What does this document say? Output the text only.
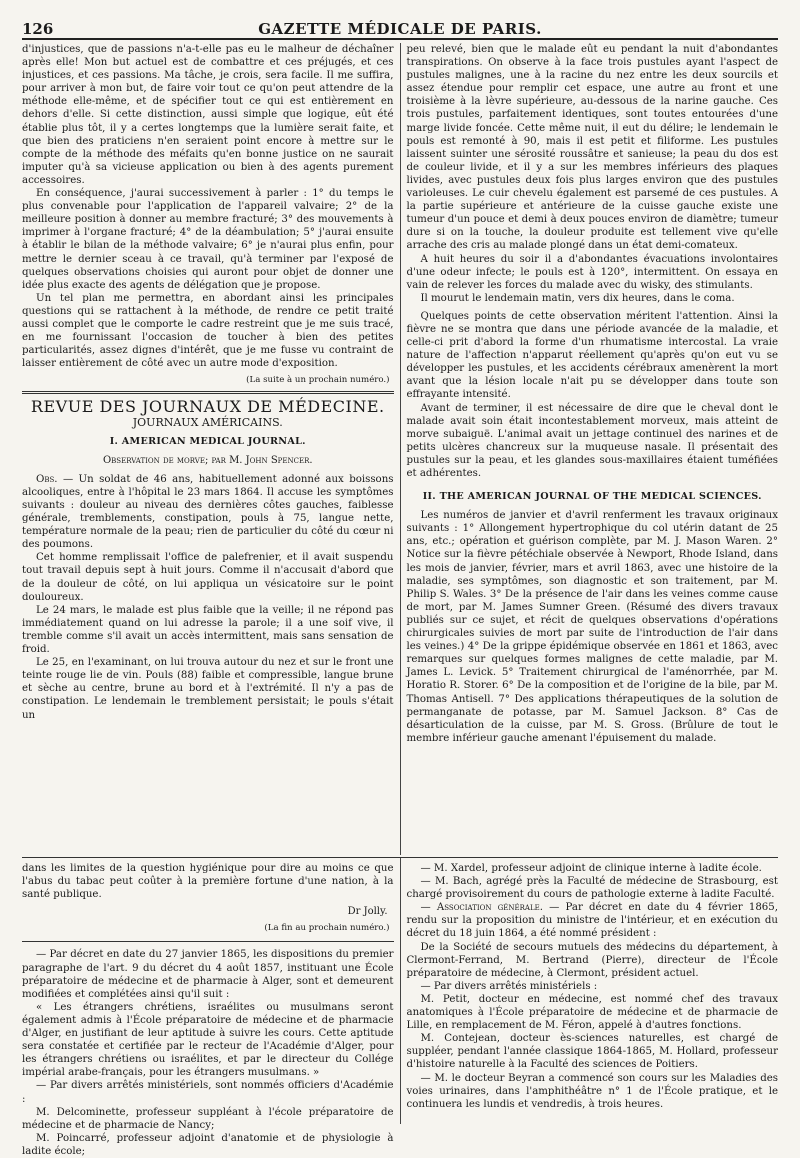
126	GAZETTE MÉDICALE DE PARIS.

d'injustices, que de passions n'a-t-elle pas eu le malheur de déchaîner après elle! Mon but actuel est de combattre et ces préjugés, et ces injustices, et ces passions. Ma tâche, je crois, sera facile. Il me suffira, pour arriver à mon but, de faire voir tout ce qu'on peut attendre de la méthode elle-même, et de spécifier tout ce qui est entièrement en dehors d'elle. Si cette distinction, aussi simple que logique, eût été établie plus tôt, il y a certes longtemps que la lumière serait faite, et que bien des praticiens n'en seraient point encore à mettre sur le compte de la méthode des méfaits qu'en bonne justice on ne saurait imputer qu'à sa vicieuse application ou bien à des agents purement accessoires.

En conséquence, j'aurai successivement à parler : 1° du temps le plus convenable pour l'application de l'appareil valvaire; 2° de la meilleure position à donner au membre fracturé; 3° des mouvements à imprimer à l'organe fracturé; 4° de la déambulation; 5° j'aurai ensuite à établir le bilan de la méthode valvaire; 6° je n'aurai plus enfin, pour mettre le dernier sceau à ce travail, qu'à terminer par l'exposé de quelques observations choisies qui auront pour objet de donner une idée plus exacte des agents de délégation que je propose.

Un tel plan me permettra, en abordant ainsi les principales questions qui se rattachent à la méthode, de rendre ce petit traité aussi complet que le comporte le cadre restreint que je me suis tracé, en me fournissant l'occasion de toucher à bien des petites particularités, assez dignes d'intérêt, que je me fusse vu contraint de laisser entièrement de côté avec un autre mode d'exposition.

(La suite à un prochain numéro.)
REVUE DES JOURNAUX DE MÉDECINE.
JOURNAUX AMÉRICAINS.
I. AMERICAN MEDICAL JOURNAL.
Observation de morve; par M. John Spencer.

Obs. — Un soldat de 46 ans, habituellement adonné aux boissons alcooliques, entre à l'hôpital le 23 mars 1864. Il accuse les symptômes suivants : douleur au niveau des dernières côtes gauches, faiblesse générale, tremblements, constipation, pouls à 75, langue nette, température normale de la peau; rien de particulier du côté du cœur ni des poumons.

Cet homme remplissait l'office de palefrenier, et il avait suspendu tout travail depuis sept à huit jours. Comme il n'accusait d'abord que de la douleur de côté, on lui appliqua un vésicatoire sur le point douloureux.

Le 24 mars, le malade est plus faible que la veille; il ne répond pas immédiatement quand on lui adresse la parole; il a une soif vive, il tremble comme s'il avait un accès intermittent, mais sans sensation de froid.

Le 25, en l'examinant, on lui trouva autour du nez et sur le front une teinte rouge lie de vin. Pouls (88) faible et compressible, langue brune et sèche au centre, brune au bord et à l'extrémité. Il n'y a pas de constipation. Le lendemain le tremblement persistait; le pouls s'était un

peu relevé, bien que le malade eût eu pendant la nuit d'abondantes transpirations. On observe à la face trois pustules ayant l'aspect de pustules malignes, une à la racine du nez entre les deux sourcils et assez étendue pour remplir cet espace, une autre au front et une troisième à la lèvre supérieure, au-dessous de la narine gauche. Ces trois pustules, parfaitement identiques, sont toutes entourées d'une marge livide foncée. Cette même nuit, il eut du délire; le lendemain le pouls est remonté à 90, mais il est petit et filiforme. Les pustules laissent suinter une sérosité roussâtre et sanieuse; la peau du dos est de couleur livide, et il y a sur les membres inférieurs des plaques livides, avec pustules deux fois plus larges environ que des pustules varioleuses. Le cuir chevelu également est parsemé de ces pustules. A la partie supérieure et antérieure de la cuisse gauche existe une tumeur d'un pouce et demi à deux pouces environ de diamètre; tumeur dure si on la touche, la douleur produite est tellement vive qu'elle arrache des cris au malade plongé dans un état demi-comateux.

A huit heures du soir il a d'abondantes évacuations involontaires d'une odeur infecte; le pouls est à 120°, intermittent. On essaya en vain de relever les forces du malade avec du wisky, des stimulants.

Il mourut le lendemain matin, vers dix heures, dans le coma.

Quelques points de cette observation méritent l'attention. Ainsi la fièvre ne se montra que dans une période avancée de la maladie, et celle-ci prit d'abord la forme d'un rhumatisme intercostal. La vraie nature de l'affection n'apparut réellement qu'après qu'on eut vu se développer les pustules, et les accidents cérébraux amenèrent la mort avant que la lésion locale n'ait pu se développer dans toute son effrayante intensité.

Avant de terminer, il est nécessaire de dire que le cheval dont le malade avait soin était incontestablement morveux, mais atteint de morve subaiguë. L'animal avait un jettage continuel des narines et de petits ulcères chancreux sur la muqueuse nasale. Il présentait des pustules sur la peau, et les glandes sous-maxillaires étaient tuméfiées et adhérentes.

II. THE AMERICAN JOURNAL OF THE MEDICAL SCIENCES.

Les numéros de janvier et d'avril renferment les travaux originaux suivants : 1° Allongement hypertrophique du col utérin datant de 25 ans, etc.; opération et guérison complète, par M. J. Mason Waren. 2° Notice sur la fièvre pétéchiale observée à Newport, Rhode Island, dans les mois de janvier, février, mars et avril 1863, avec une histoire de la maladie, ses symptômes, son diagnostic et son traitement, par M. Philip S. Wales. 3° De la présence de l'air dans les veines comme cause de mort, par M. James Sumner Green. (Résumé des divers travaux publiés sur ce sujet, et récit de quelques observations d'opérations chirurgicales suivies de mort par suite de l'introduction de l'air dans les veines.) 4° De la grippe épidémique observée en 1861 et 1863, avec remarques sur quelques formes malignes de cette maladie, par M. James L. Levick. 5° Traitement chirurgical de l'aménorrhée, par M. Horatio R. Storer. 6° De la composition et de l'origine de la bile, par M. Thomas Antisell. 7° Des applications thérapeutiques de la solution de permanganate de potasse, par M. Samuel Jackson. 8° Cas de désarticulation de la cuisse, par M. S. Gross. (Brûlure de tout le membre inférieur gauche amenant l'épuisement du malade.

dans les limites de la question hygiénique pour dire au moins ce que l'abus du tabac peut coûter à la première fortune d'une nation, à la santé publique.

Dr Jolly.
(La fin au prochain numéro.)

— Par décret en date du 27 janvier 1865, les dispositions du premier paragraphe de l'art. 9 du décret du 4 août 1857, instituant une École préparatoire de médecine et de pharmacie à Alger, sont et demeurent modifiées et complétées ainsi qu'il suit :

« Les étrangers chrétiens, israélites ou musulmans seront également admis à l'École préparatoire de médecine et de pharmacie d'Alger, en justifiant de leur aptitude à suivre les cours. Cette aptitude sera constatée et certifiée par le recteur de l'Académie d'Alger, pour les étrangers chrétiens ou israélites, et par le directeur du Collége impérial arabe-français, pour les étrangers musulmans. »

— Par divers arrêtés ministériels, sont nommés officiers d'Académie :

M. Delcominette, professeur suppléant à l'école préparatoire de médecine et de pharmacie de Nancy;

M. Poincarré, professeur adjoint d'anatomie et de physiologie à ladite école;

— M. Xardel, professeur adjoint de clinique interne à ladite école.

— M. Bach, agrégé près la Faculté de médecine de Strasbourg, est chargé provisoirement du cours de pathologie externe à ladite Faculté.

— Association générale. — Par décret en date du 4 février 1865, rendu sur la proposition du ministre de l'intérieur, et en exécution du décret du 18 juin 1864, a été nommé président :

De la Société de secours mutuels des médecins du département, à Clermont-Ferrand, M. Bertrand (Pierre), directeur de l'École préparatoire de médecine, à Clermont, président actuel.

— Par divers arrêtés ministériels :

M. Petit, docteur en médecine, est nommé chef des travaux anatomiques à l'École préparatoire de médecine et de pharmacie de Lille, en remplacement de M. Féron, appelé à d'autres fonctions.

M. Contejean, docteur ès-sciences naturelles, est chargé de suppléer, pendant l'année classique 1864-1865, M. Hollard, professeur d'histoire naturelle à la Faculté des sciences de Poitiers.

— M. le docteur Beyran a commencé son cours sur les Maladies des voies urinaires, dans l'amphithéâtre n° 1 de l'École pratique, et le continuera les lundis et vendredis, à trois heures.
